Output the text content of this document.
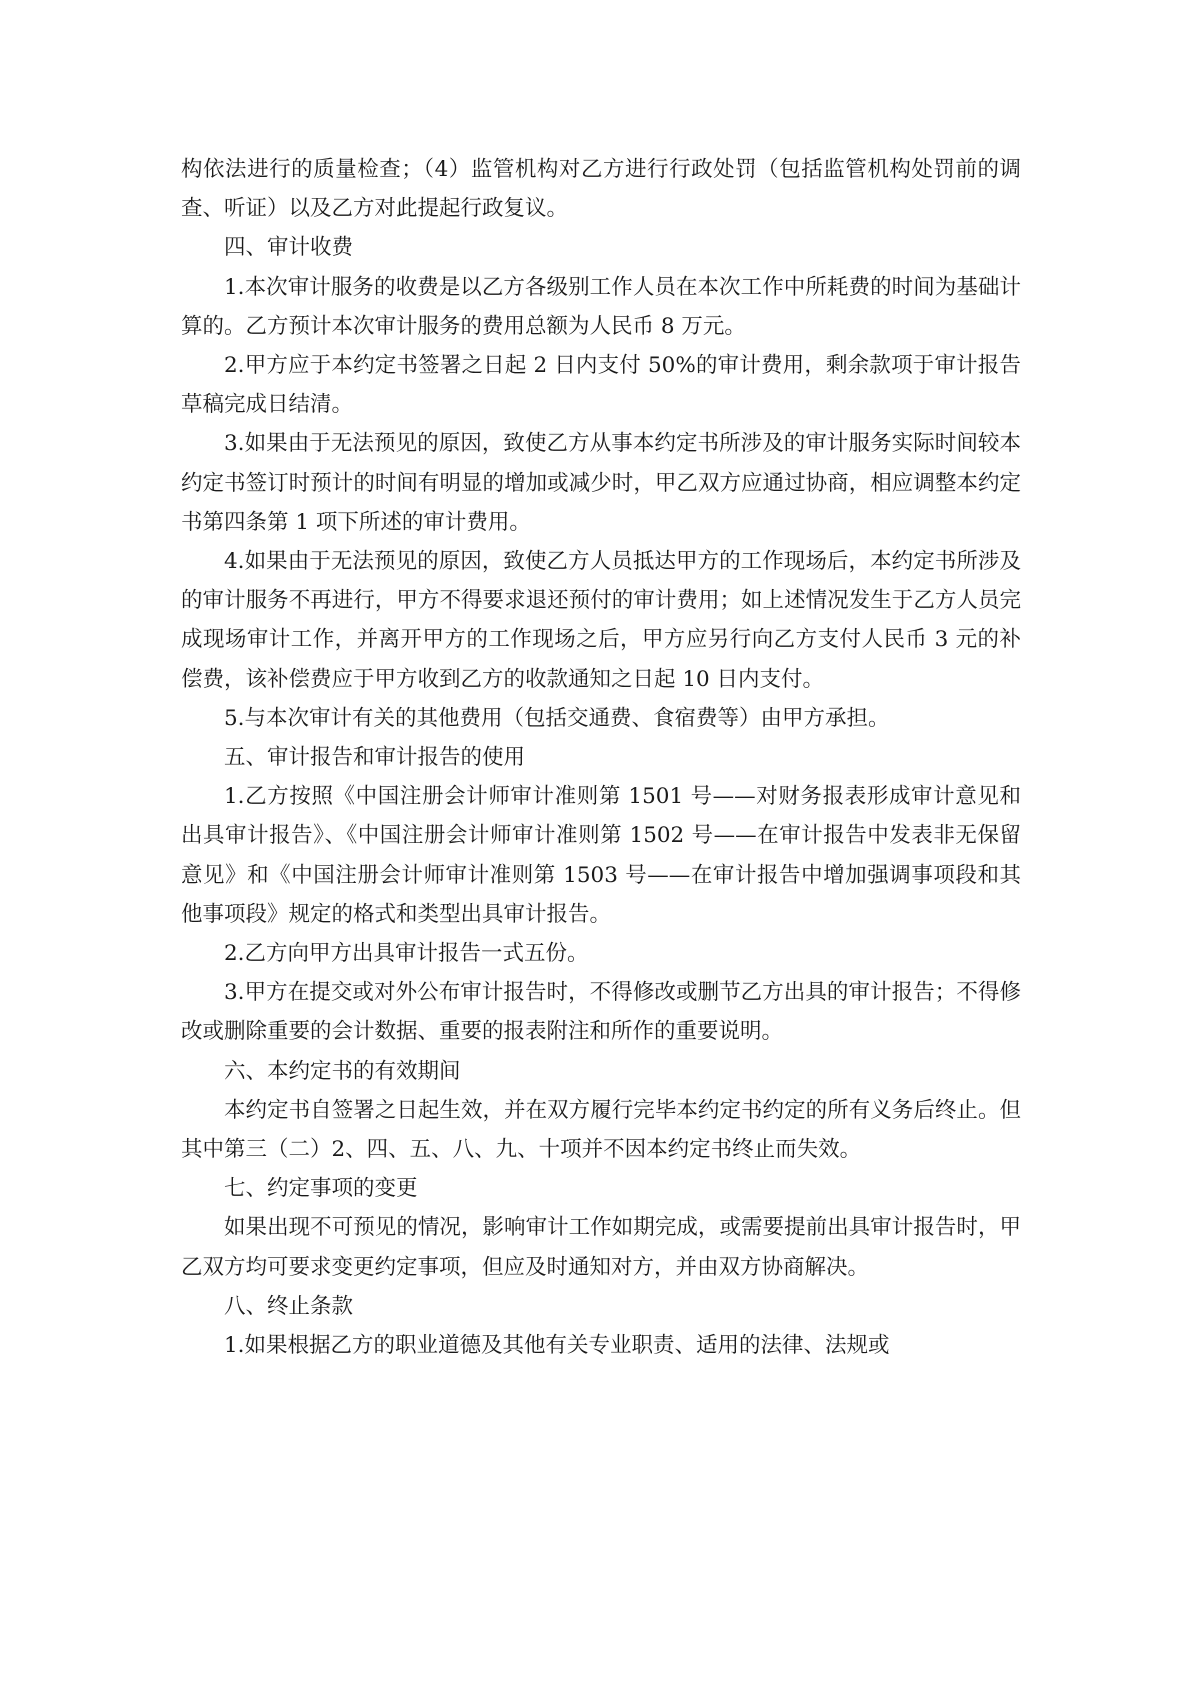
构依法进行的质量检查；（4）监管机构对乙方进行行政处罚（包括监管机构处罚前的调查、听证）以及乙方对此提起行政复议。

四、审计收费

1.本次审计服务的收费是以乙方各级别工作人员在本次工作中所耗费的时间为基础计算的。乙方预计本次审计服务的费用总额为人民币 8 万元。

2.甲方应于本约定书签署之日起 2 日内支付 50%的审计费用，剩余款项于审计报告草稿完成日结清。

3.如果由于无法预见的原因，致使乙方从事本约定书所涉及的审计服务实际时间较本约定书签订时预计的时间有明显的增加或减少时，甲乙双方应通过协商，相应调整本约定书第四条第 1 项下所述的审计费用。

4.如果由于无法预见的原因，致使乙方人员抵达甲方的工作现场后，本约定书所涉及的审计服务不再进行，甲方不得要求退还预付的审计费用；如上述情况发生于乙方人员完成现场审计工作，并离开甲方的工作现场之后，甲方应另行向乙方支付人民币 3 元的补偿费，该补偿费应于甲方收到乙方的收款通知之日起 10 日内支付。

5.与本次审计有关的其他费用（包括交通费、食宿费等）由甲方承担。

五、审计报告和审计报告的使用

1.乙方按照《中国注册会计师审计准则第 1501 号——对财务报表形成审计意见和出具审计报告》、《中国注册会计师审计准则第 1502 号——在审计报告中发表非无保留意见》和《中国注册会计师审计准则第 1503 号——在审计报告中增加强调事项段和其他事项段》规定的格式和类型出具审计报告。

2.乙方向甲方出具审计报告一式五份。

3.甲方在提交或对外公布审计报告时，不得修改或删节乙方出具的审计报告；不得修改或删除重要的会计数据、重要的报表附注和所作的重要说明。

六、本约定书的有效期间

本约定书自签署之日起生效，并在双方履行完毕本约定书约定的所有义务后终止。但其中第三（二）2、四、五、八、九、十项并不因本约定书终止而失效。

七、约定事项的变更

如果出现不可预见的情况，影响审计工作如期完成，或需要提前出具审计报告时，甲乙双方均可要求变更约定事项，但应及时通知对方，并由双方协商解决。

八、终止条款

1.如果根据乙方的职业道德及其他有关专业职责、适用的法律、法规或
